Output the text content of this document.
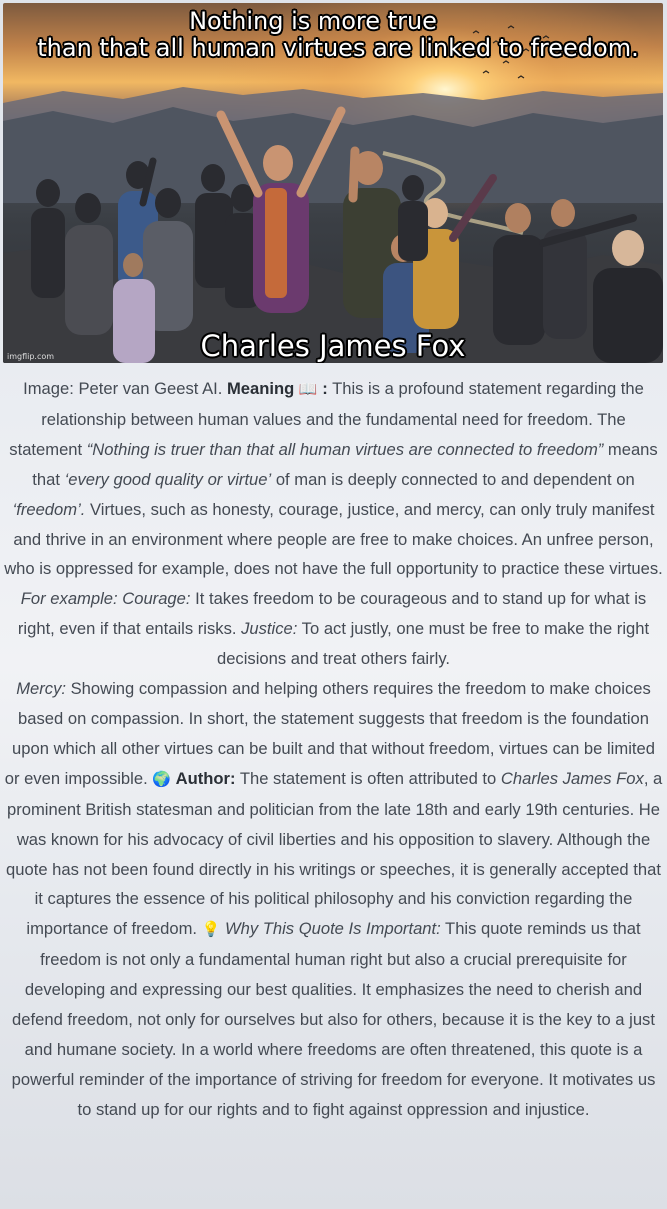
Nothing is more true
than that all human virtues are linked to freedom.
Charles James Fox
imgflip.com

Image: Peter van Geest AI. Meaning 📖 : This is a profound statement regarding the relationship between human values and the fundamental need for freedom. The statement “Nothing is truer than that all human virtues are connected to freedom” means that ‘every good quality or virtue’ of man is deeply connected to and dependent on ‘freedom’. Virtues, such as honesty, courage, justice, and mercy, can only truly manifest and thrive in an environment where people are free to make choices. An unfree person, who is oppressed for example, does not have the full opportunity to practice these virtues. For example: Courage: It takes freedom to be courageous and to stand up for what is right, even if that entails risks. Justice: To act justly, one must be free to make the right decisions and treat others fairly.

Mercy: Showing compassion and helping others requires the freedom to make choices based on compassion. In short, the statement suggests that freedom is the foundation upon which all other virtues can be built and that without freedom, virtues can be limited or even impossible. 🌍 Author: The statement is often attributed to Charles James Fox, a prominent British statesman and politician from the late 18th and early 19th centuries. He was known for his advocacy of civil liberties and his opposition to slavery. Although the quote has not been found directly in his writings or speeches, it is generally accepted that it captures the essence of his political philosophy and his conviction regarding the importance of freedom. 💡 Why This Quote Is Important: This quote reminds us that freedom is not only a fundamental human right but also a crucial prerequisite for developing and expressing our best qualities. It emphasizes the need to cherish and defend freedom, not only for ourselves but also for others, because it is the key to a just and humane society. In a world where freedoms are often threatened, this quote is a powerful reminder of the importance of striving for freedom for everyone. It motivates us to stand up for our rights and to fight against oppression and injustice.
